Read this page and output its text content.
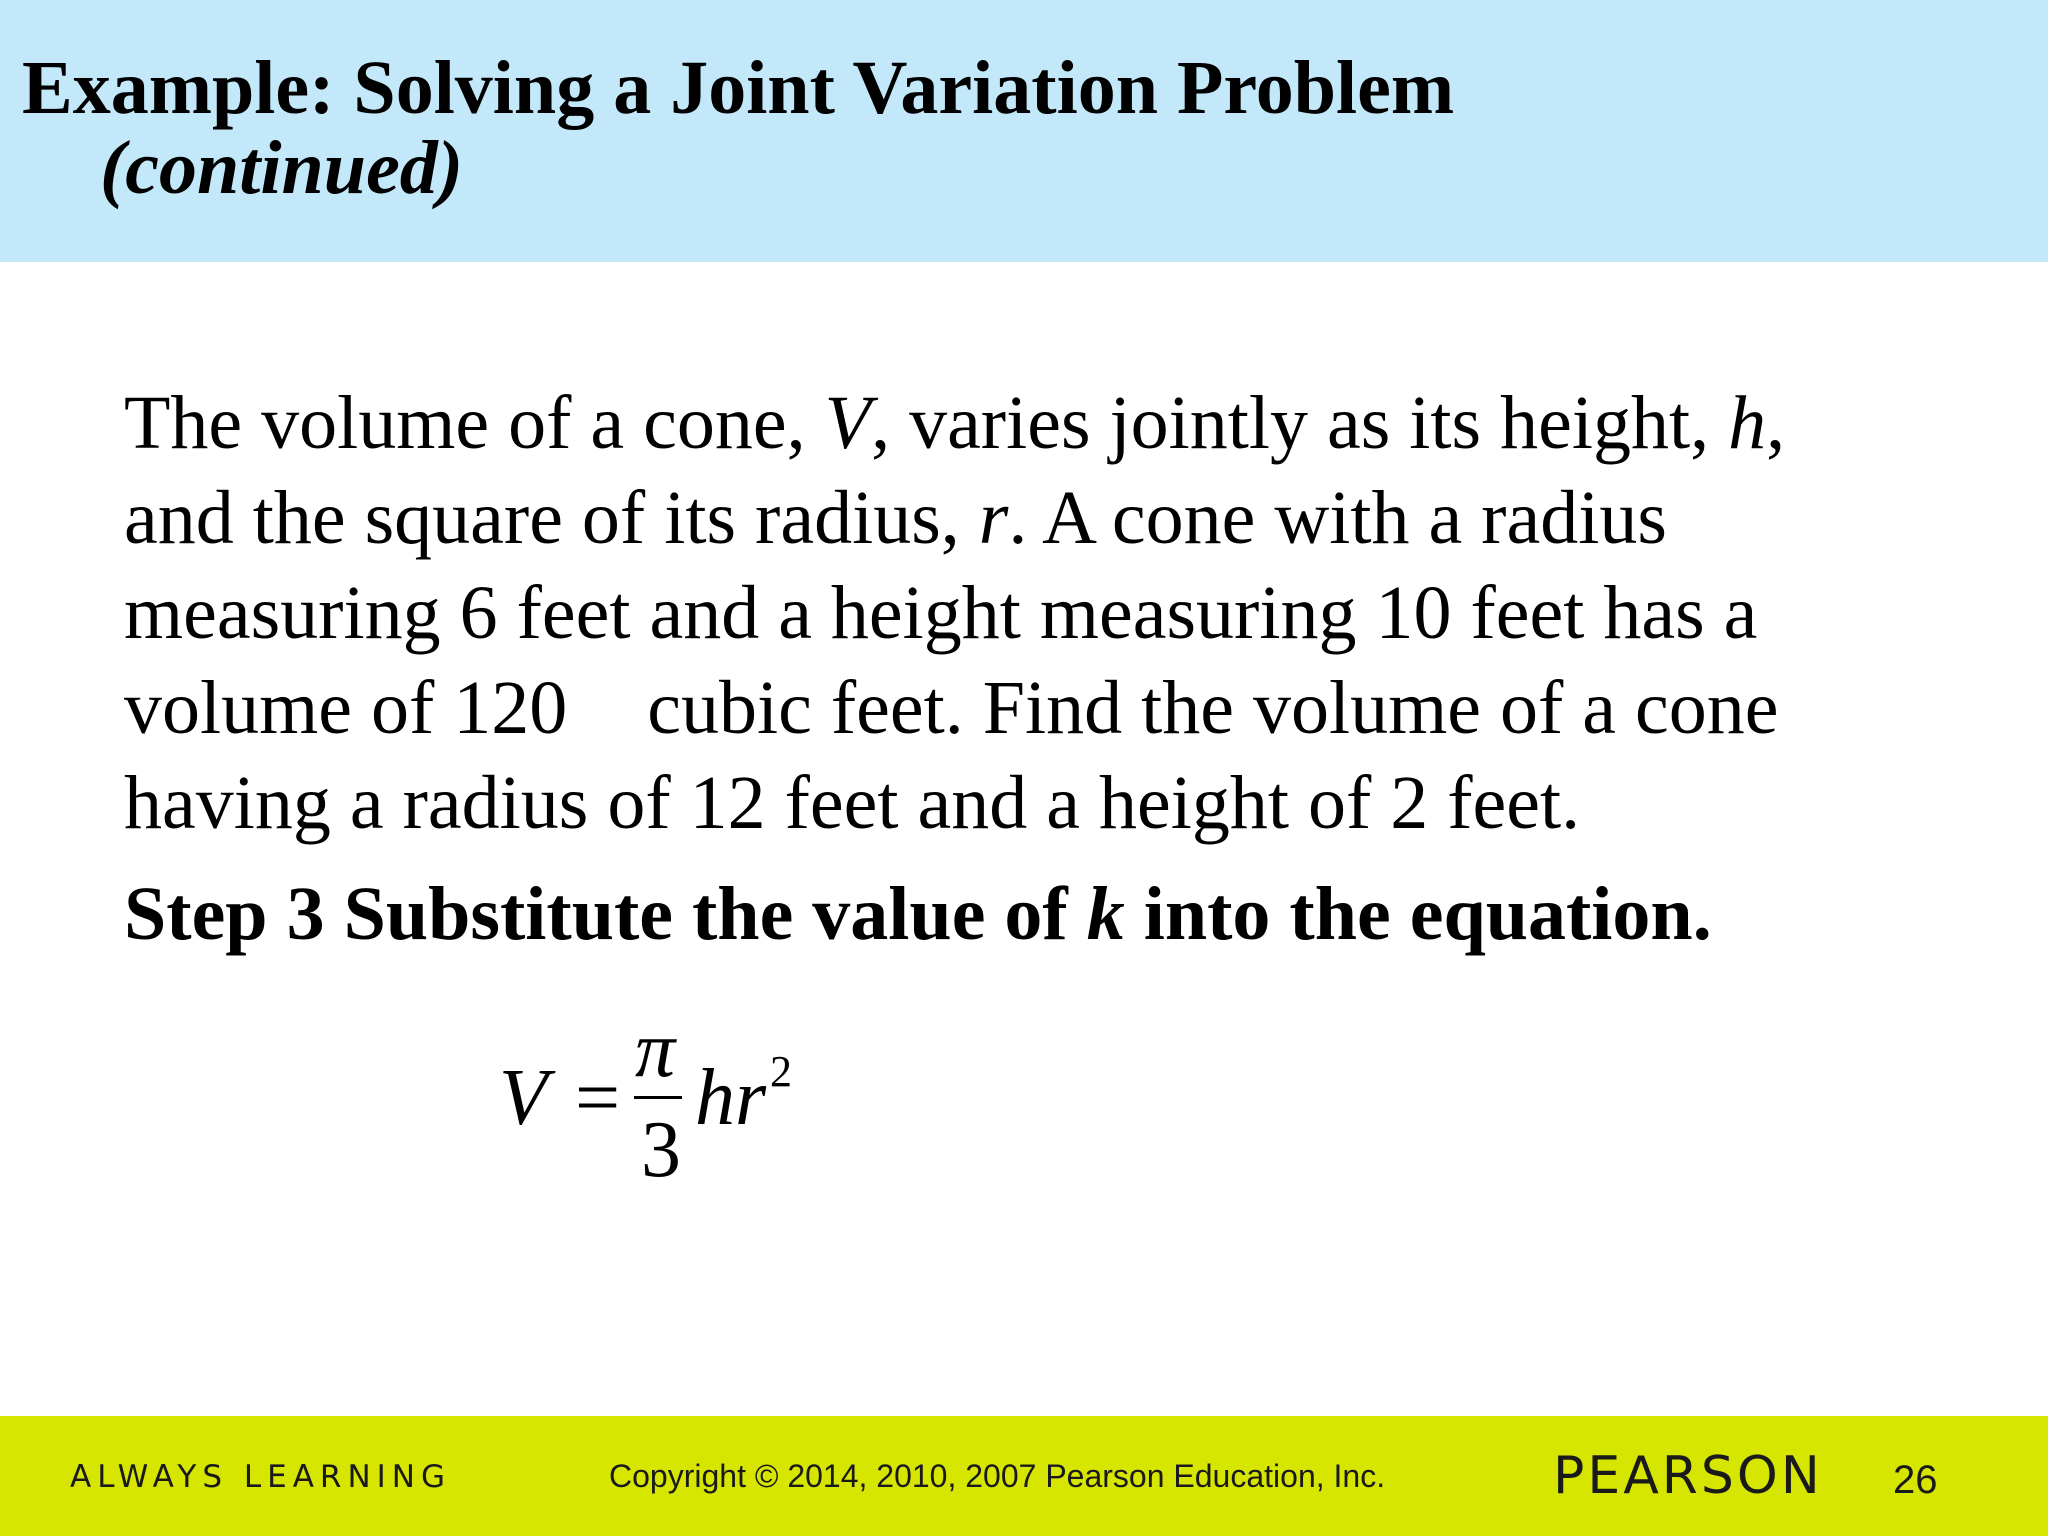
Example: Solving a Joint Variation Problem
(continued)
The volume of a cone, V, varies jointly as its height, h,
and the square of its radius, r. A cone with a radius
measuring 6 feet and a height measuring 10 feet has a
volume of 120 cubic feet. Find the volume of a cone
having a radius of 12 feet and a height of 2 feet.
Step 3 Substitute the value of k into the equation.
V =
π
3
hr 2
ALWAYS LEARNING	Copyright © 2014, 2010, 2007 Pearson Education, Inc.	PEARSON 26
